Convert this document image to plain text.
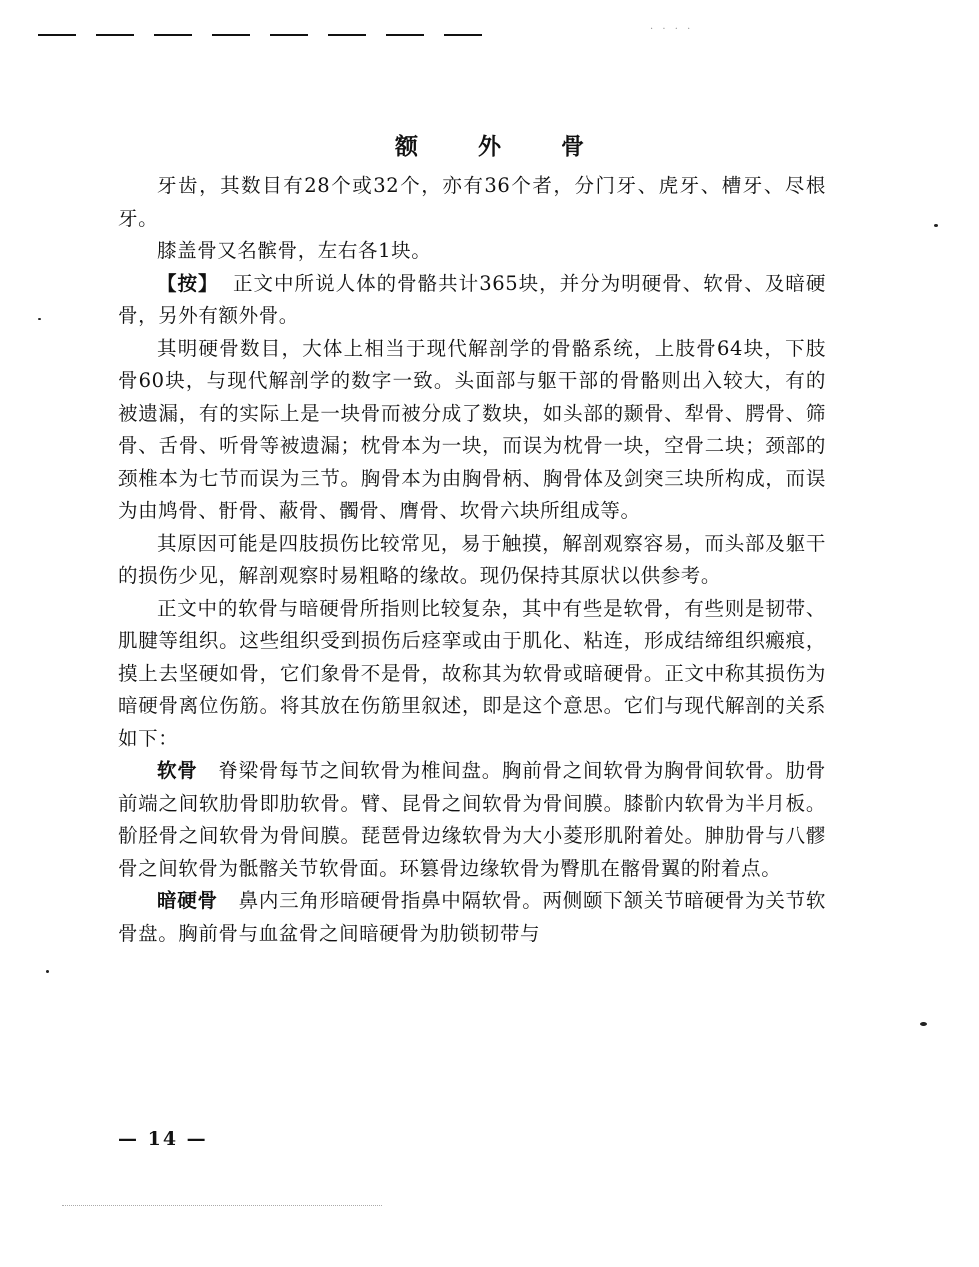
· · · ·
额 外 骨

牙齿，其数目有28个或32个，亦有36个者，分门牙、虎牙、槽牙、尽根牙。

膝盖骨又名髌骨，左右各1块。

【按】 正文中所说人体的骨骼共计365块，并分为明硬骨、软骨、及暗硬骨，另外有额外骨。

其明硬骨数目，大体上相当于现代解剖学的骨骼系统，上肢骨64块，下肢骨60块，与现代解剖学的数字一致。头面部与躯干部的骨骼则出入较大，有的被遗漏，有的实际上是一块骨而被分成了数块，如头部的颞骨、犁骨、腭骨、筛骨、舌骨、听骨等被遗漏；枕骨本为一块，而误为枕骨一块，空骨二块；颈部的颈椎本为七节而误为三节。胸骨本为由胸骨柄、胸骨体及剑突三块所构成，而误为由鸠骨、骬骨、蔽骨、髑骨、膺骨、坎骨六块所组成等。

其原因可能是四肢损伤比较常见，易于触摸，解剖观察容易，而头部及躯干的损伤少见，解剖观察时易粗略的缘故。现仍保持其原状以供参考。

正文中的软骨与暗硬骨所指则比较复杂，其中有些是软骨，有些则是韧带、肌腱等组织。这些组织受到损伤后痉挛或由于肌化、粘连，形成结缔组织瘢痕，摸上去坚硬如骨，它们象骨不是骨，故称其为软骨或暗硬骨。正文中称其损伤为暗硬骨离位伤筋。将其放在伤筋里叙述，即是这个意思。它们与现代解剖的关系如下：

软骨 脊梁骨每节之间软骨为椎间盘。胸前骨之间软骨为胸骨间软骨。肋骨前端之间软肋骨即肋软骨。臂、昆骨之间软骨为骨间膜。膝骱内软骨为半月板。骱胫骨之间软骨为骨间膜。琵琶骨边缘软骨为大小菱形肌附着处。胂肋骨与八髎骨之间软骨为骶髂关节软骨面。环篡骨边缘软骨为臀肌在髂骨翼的附着点。

暗硬骨 鼻内三角形暗硬骨指鼻中隔软骨。两侧颐下颔关节暗硬骨为关节软骨盘。胸前骨与血盆骨之间暗硬骨为肋锁韧带与

— 14 —
